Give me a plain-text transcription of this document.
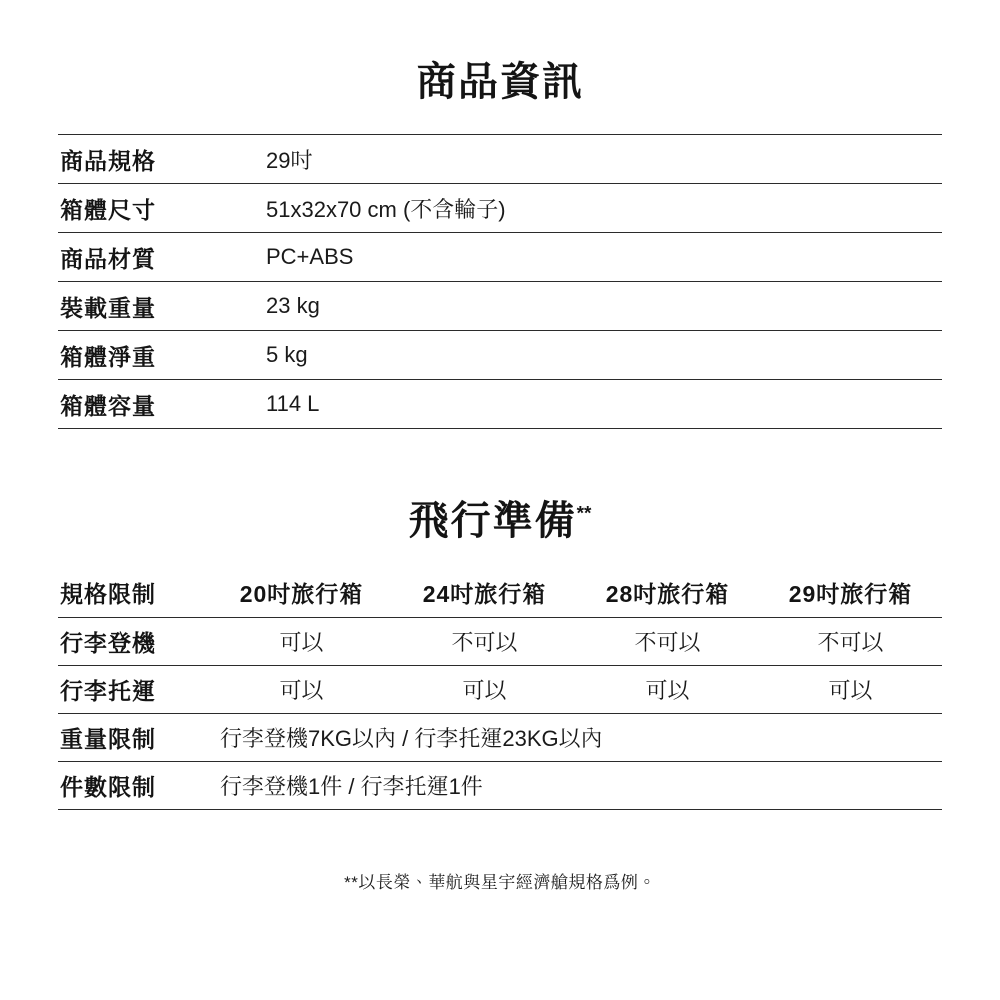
商品資訊
商品規格	29吋
箱體尺寸	51x32x70 cm (不含輪子)
商品材質	PC+ABS
裝載重量	23 kg
箱體淨重	5 kg
箱體容量	114 L
飛行準備**
規格限制	20吋旅行箱	24吋旅行箱	28吋旅行箱	29吋旅行箱
行李登機	可以	不可以	不可以	不可以
行李托運	可以	可以	可以	可以
重量限制	行李登機7KG以內 / 行李托運23KG以內			
件數限制	行李登機1件 / 行李托運1件			
**以長榮、華航與星宇經濟艙規格爲例。
